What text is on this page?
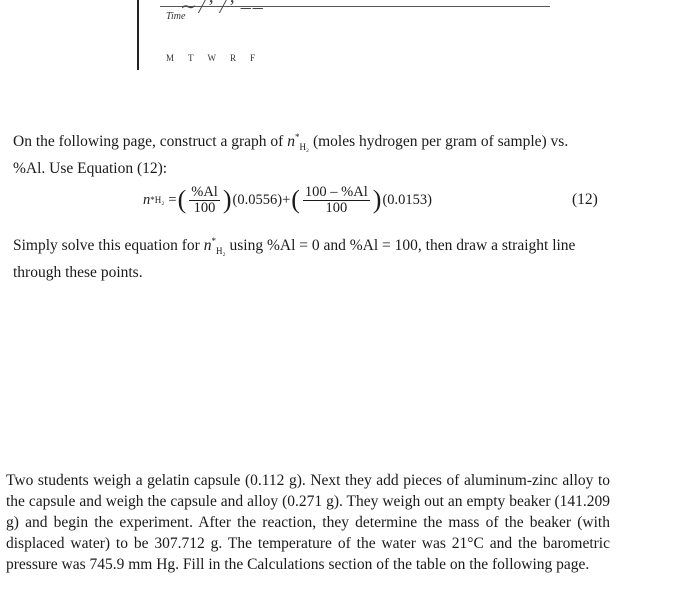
∼/’ /’ ––
Time
M T W R F
On the following page, construct a graph of $n^*_{H_2}$ (moles hydrogen per gram of sample) vs.
%Al. Use Equation (12):
n * H₂ = ( $\frac{\%Al}{100}$ ) (0.0556) + ( $\frac{100 - \%Al}{100}$ ) (0.0153)	(12)
Simply solve this equation for $n^*_{H_2}$ using %Al = 0 and %Al = 100, then draw a straight line
through these points.
Two students weigh a gelatin capsule (0.112 g). Next they add pieces of aluminum-zinc alloy to the capsule and weigh the capsule and alloy (0.271 g). They weigh out an empty beaker (141.209 g) and begin the experiment. After the reaction, they determine the mass of the beaker (with displaced water) to be 307.712 g. The temperature of the water was 21°C and the barometric pressure was 745.9 mm Hg. Fill in the Calculations section of the table on the following page.
